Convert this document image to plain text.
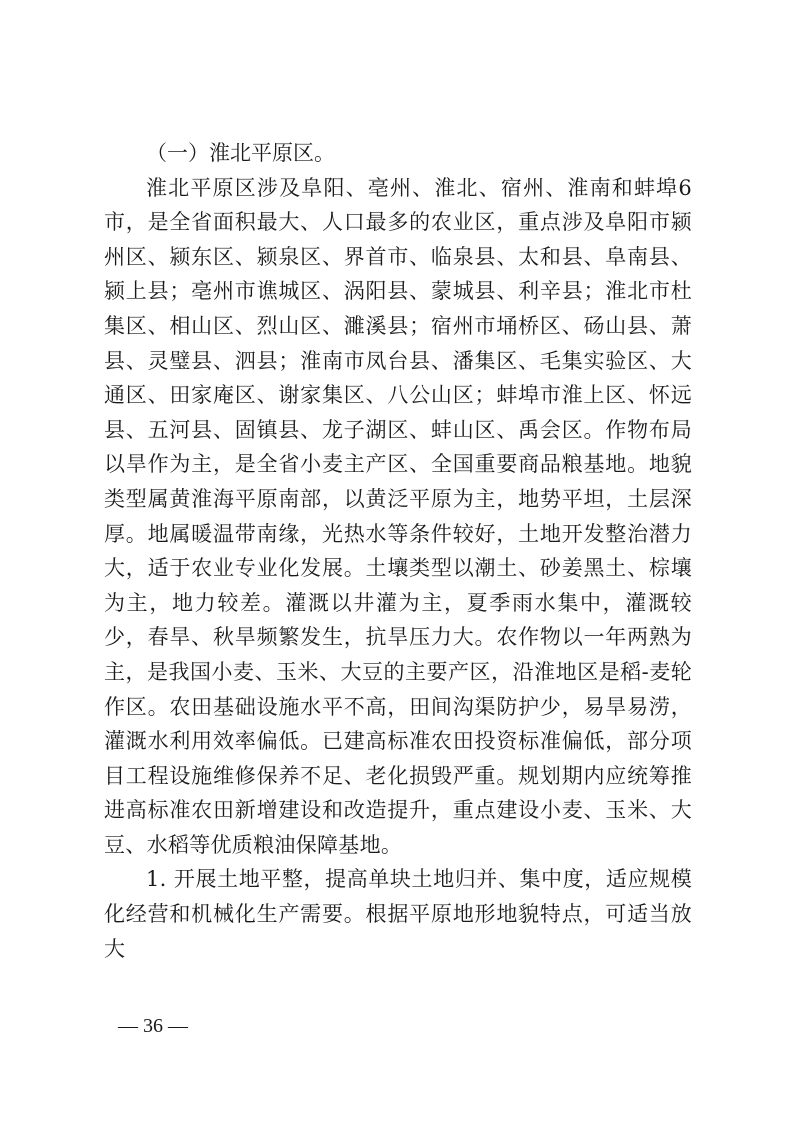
（一）淮北平原区。

淮北平原区涉及阜阳、亳州、淮北、宿州、淮南和蚌埠6市，是全省面积最大、人口最多的农业区，重点涉及阜阳市颍州区、颍东区、颍泉区、界首市、临泉县、太和县、阜南县、颍上县；亳州市谯城区、涡阳县、蒙城县、利辛县；淮北市杜集区、相山区、烈山区、濉溪县；宿州市埇桥区、砀山县、萧县、灵璧县、泗县；淮南市凤台县、潘集区、毛集实验区、大通区、田家庵区、谢家集区、八公山区；蚌埠市淮上区、怀远县、五河县、固镇县、龙子湖区、蚌山区、禹会区。作物布局以旱作为主，是全省小麦主产区、全国重要商品粮基地。地貌类型属黄淮海平原南部，以黄泛平原为主，地势平坦，土层深厚。地属暖温带南缘，光热水等条件较好，土地开发整治潜力大，适于农业专业化发展。土壤类型以潮土、砂姜黑土、棕壤为主，地力较差。灌溉以井灌为主，夏季雨水集中，灌溉较少，春旱、秋旱频繁发生，抗旱压力大。农作物以一年两熟为主，是我国小麦、玉米、大豆的主要产区，沿淮地区是稻-麦轮作区。农田基础设施水平不高，田间沟渠防护少，易旱易涝，灌溉水利用效率偏低。已建高标准农田投资标准偏低，部分项目工程设施维修保养不足、老化损毁严重。规划期内应统筹推进高标准农田新增建设和改造提升，重点建设小麦、玉米、大豆、水稻等优质粮油保障基地。

1. 开展土地平整，提高单块土地归并、集中度，适应规模化经营和机械化生产需要。根据平原地形地貌特点，可适当放大

— 36 —
